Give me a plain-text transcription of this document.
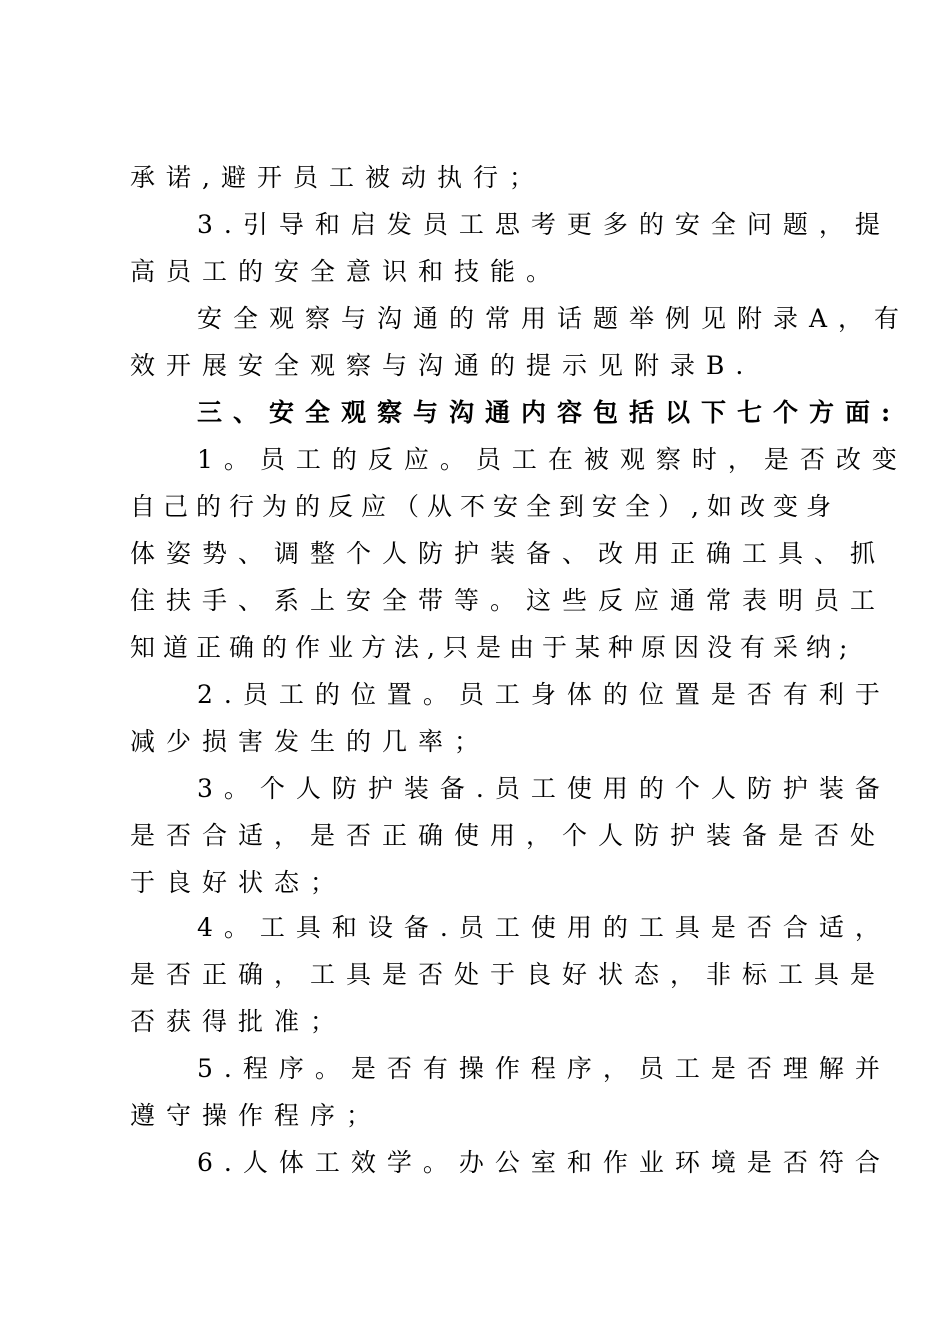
承诺,避开员工被动执行；
3.引导和启发员工思考更多的安全问题，提
高员工的安全意识和技能。
安全观察与沟通的常用话题举例见附录A，有
效开展安全观察与沟通的提示见附录B.
三、安全观察与沟通内容包括以下七个方面:
1。员工的反应。员工在被观察时，是否改变
自己的行为的反应（从不安全到安全）,如改变身
体姿势、调整个人防护装备、改用正确工具、抓
住扶手、系上安全带等。这些反应通常表明员工
知道正确的作业方法,只是由于某种原因没有采纳;
2.员工的位置。员工身体的位置是否有利于
减少损害发生的几率；
3。个人防护装备.员工使用的个人防护装备
是否合适，是否正确使用，个人防护装备是否处
于良好状态；
4。工具和设备.员工使用的工具是否合适，
是否正确，工具是否处于良好状态，非标工具是
否获得批准；
5.程序。是否有操作程序，员工是否理解并
遵守操作程序；
6.人体工效学。办公室和作业环境是否符合
